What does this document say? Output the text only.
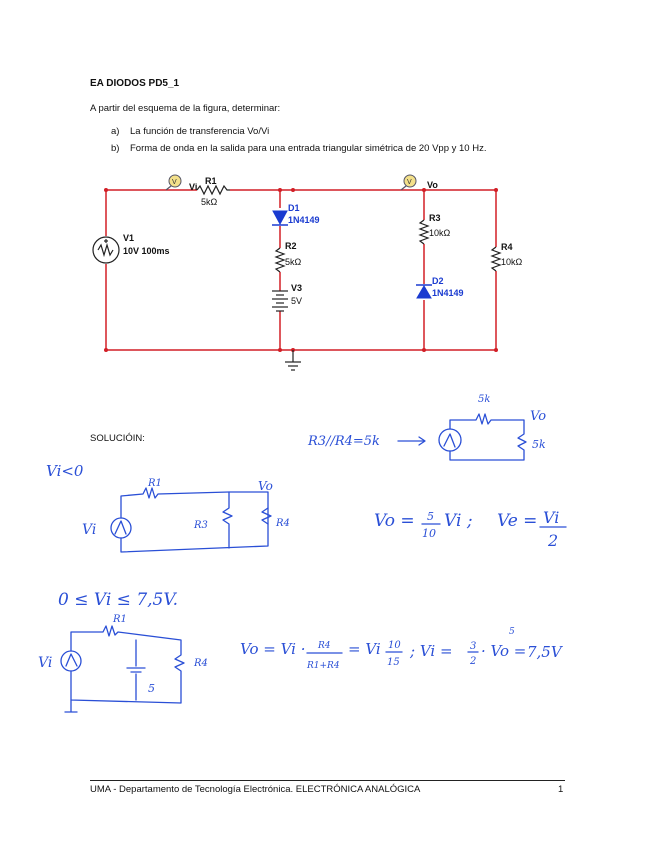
EA DIODOS PD5_1
A partir del esquema de la figura, determinar:
a) La función de transferencia Vo/Vi
b) Forma de onda en la salida para una entrada triangular simétrica de 20 Vpp y 10 Hz.
V1
10V 100ms
V Vi
R1
5kΩ
D1
1N4149
R2
5kΩ
V3
5V
V Vo
R3
10kΩ
D2
1N4149
R4
10kΩ
SOLUCIÓIN:	R3//R4=5k
5k
Vo
5k
Vi<0
R1	Vo
Vi	R3	R4	Vo = 5
10
Vi ; Ve = Vi
2
0 ≤ Vi ≤ 7,5V.
R1
Vi	R4
5
Vo = Vi · R4
R1+R4
= Vi 10
15
; Vi = 3
2
· Vo =
5
7,5V
UMA - Departamento de Tecnología Electrónica. ELECTRÓNICA ANALÓGICA	1
